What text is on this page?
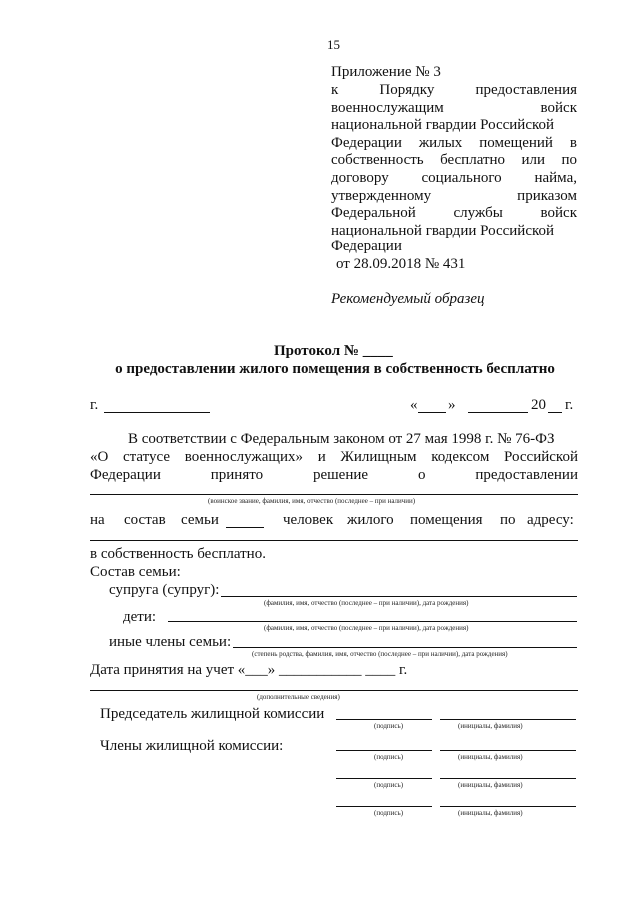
15
Приложение № 3
к	Порядку	предоставления
военнослужащим	войск
национальной гвардии Российской
Федерации жилых помещений в
собственность бесплатно или по
договору социального найма,
утвержденному	приказом
Федеральной	службы	войск
национальной гвардии Российской
Федерации
от 28.09.2018 № 431
Рекомендуемый образец
Протокол № ____
о предоставлении жилого помещения в собственность бесплатно
г.	« »	20 г.
В соответствии с Федеральным законом от 27 мая 1998 г. № 76-ФЗ
«О статусе военнослужащих» и Жилищным кодексом Российской
Федерации	принято	решение	о	предоставлении
(воинское звание, фамилия, имя, отчество (последнее – при наличии)
на состав семьи	человек жилого помещения по адресу:
в собственность бесплатно.
Состав семьи:
супруга (супруг):
(фамилия, имя, отчество (последнее – при наличии), дата рождения)
дети:
(фамилия, имя, отчество (последнее – при наличии), дата рождения)
иные члены семьи:
(степень родства, фамилия, имя, отчество (последнее – при наличии), дата рождения)
Дата принятия на учет «___» ___________ ____ г.
(дополнительные сведения)
Председатель жилищной комиссии
(подпись)	(инициалы, фамилия)
Члены жилищной комиссии:
(подпись)	(инициалы, фамилия)
(подпись)	(инициалы, фамилия)
(подпись)	(инициалы, фамилия)
